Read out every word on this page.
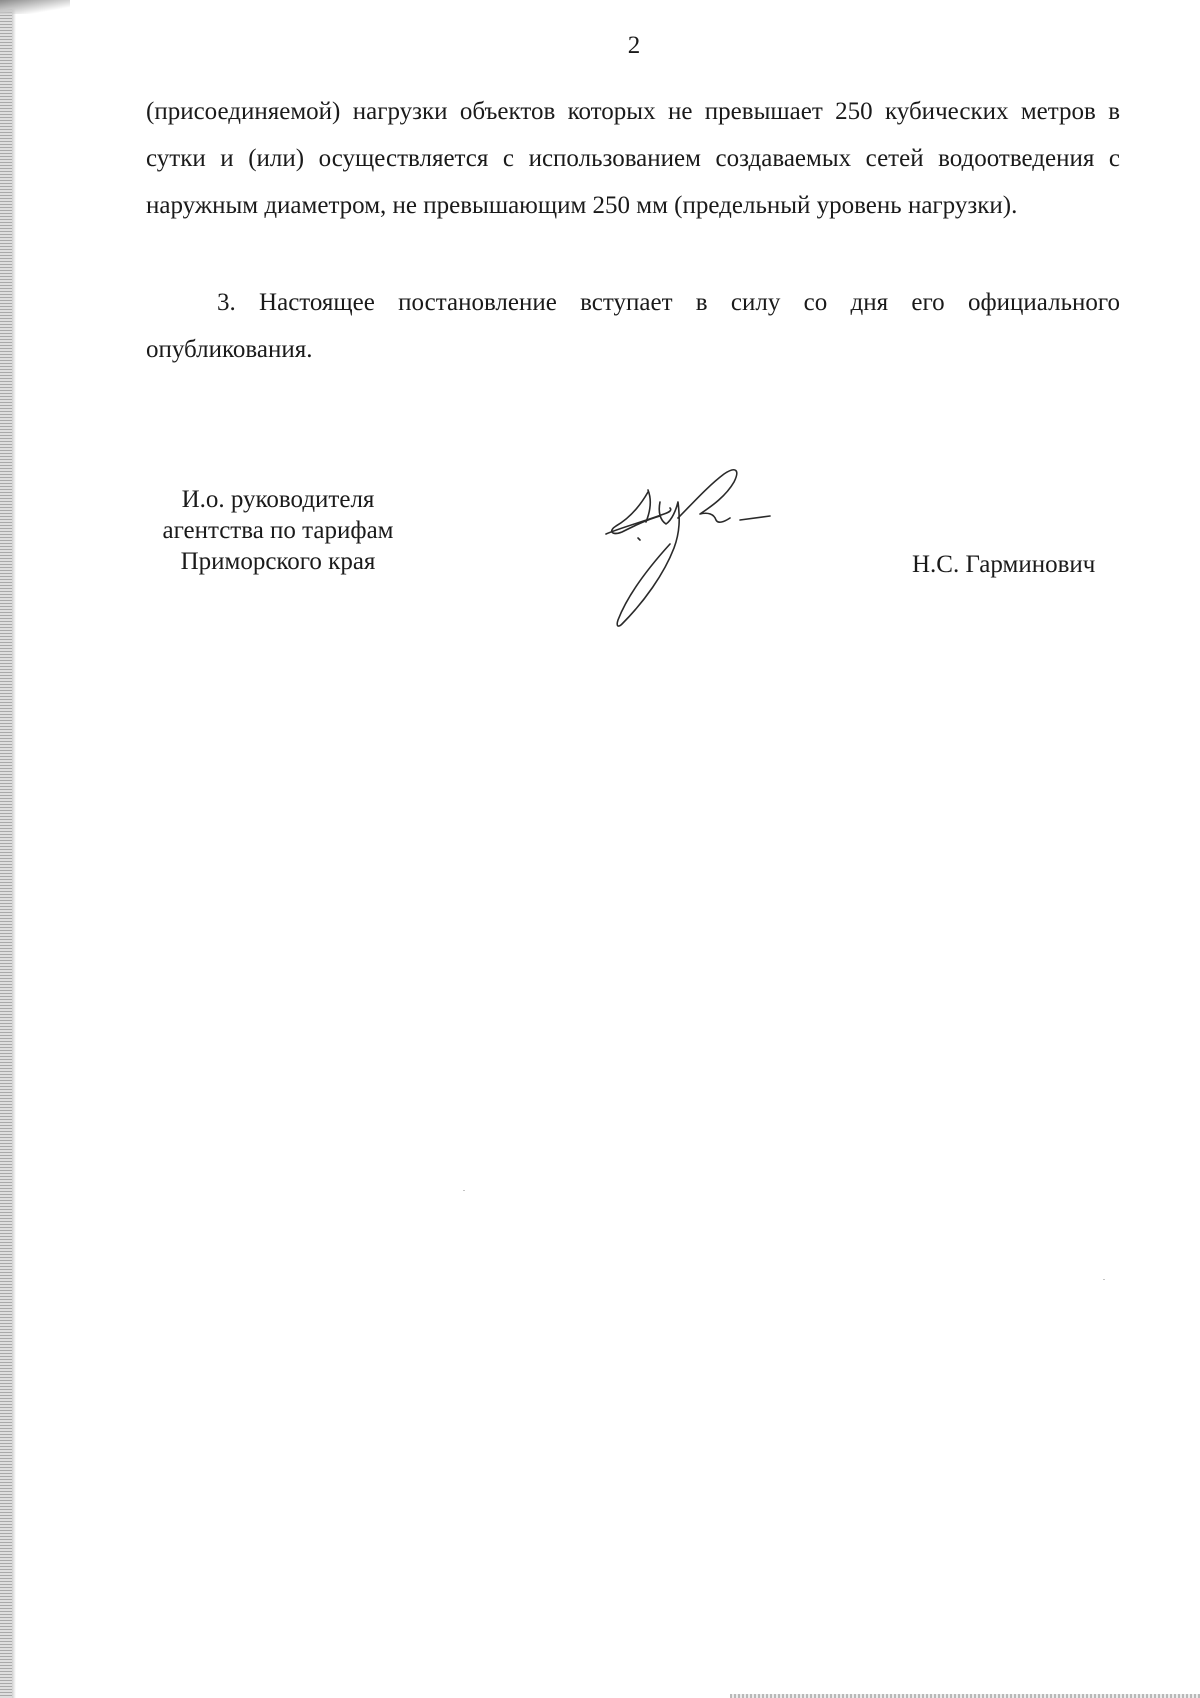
2

(присоединяемой) нагрузки объектов которых не превышает 250 кубических метров в сутки и (или) осуществляется с использованием создаваемых сетей водоотведения с наружным диаметром, не превышающим 250 мм (предельный уровень нагрузки).

3. Настоящее постановление вступает в силу со дня его официального опубликования.

И.о. руководителя
агентства по тарифам
Приморского края	Н.С. Гарминович
